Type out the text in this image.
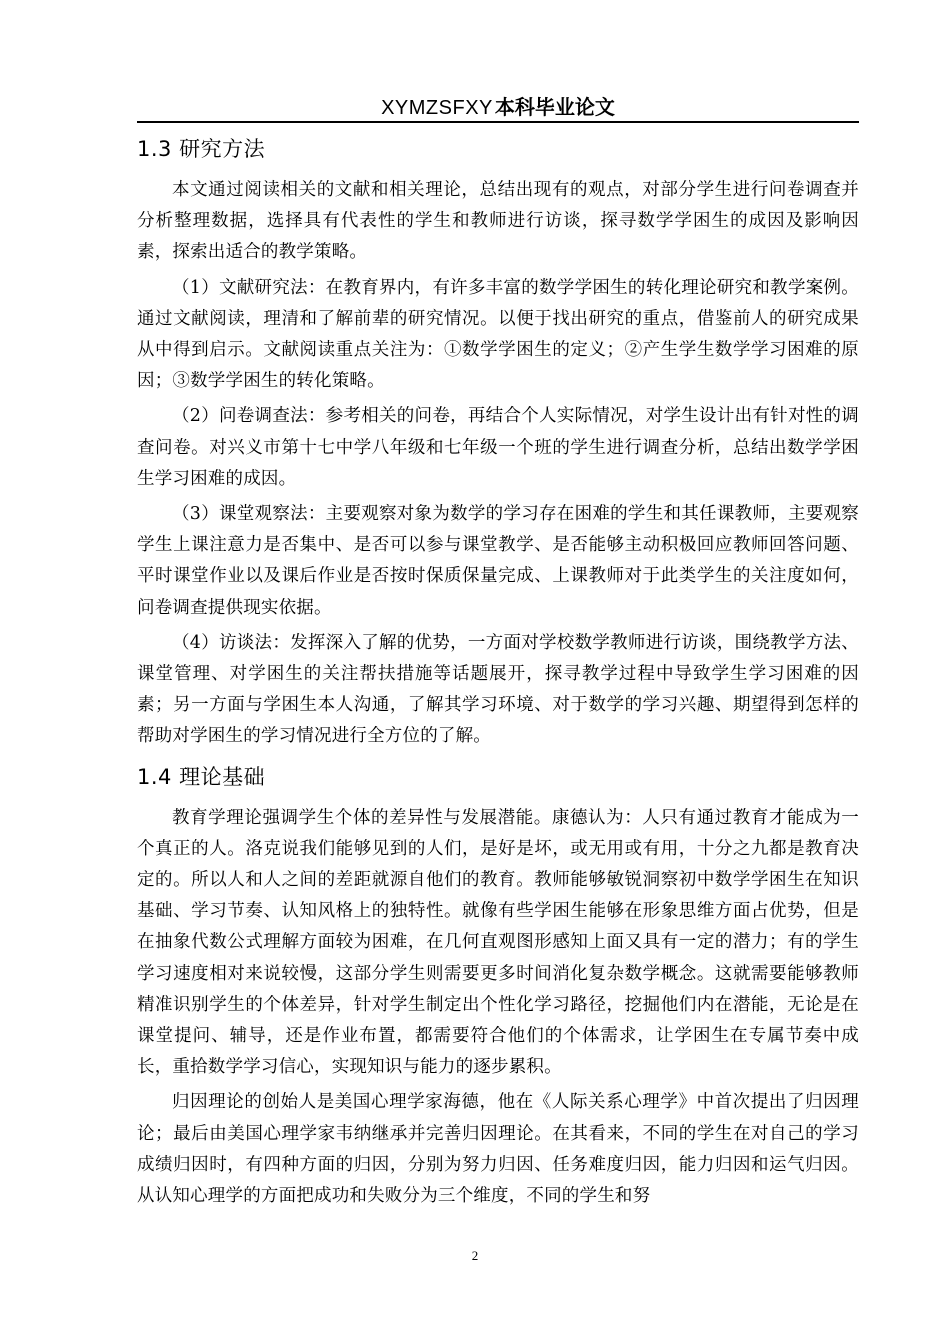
XYMZSFXY 本科毕业论文
1.3 研究方法

本文通过阅读相关的文献和相关理论，总结出现有的观点，对部分学生进行问卷调查并分析整理数据，选择具有代表性的学生和教师进行访谈，探寻数学学困生的成因及影响因素，探索出适合的教学策略。

（1）文献研究法：在教育界内，有许多丰富的数学学困生的转化理论研究和教学案例。通过文献阅读，理清和了解前辈的研究情况。以便于找出研究的重点，借鉴前人的研究成果从中得到启示。文献阅读重点关注为：①数学学困生的定义；②产生学生数学学习困难的原因；③数学学困生的转化策略。

（2）问卷调查法：参考相关的问卷，再结合个人实际情况，对学生设计出有针对性的调查问卷。对兴义市第十七中学八年级和七年级一个班的学生进行调查分析，总结出数学学困生学习困难的成因。

（3）课堂观察法：主要观察对象为数学的学习存在困难的学生和其任课教师，主要观察学生上课注意力是否集中、是否可以参与课堂教学、是否能够主动积极回应教师回答问题、平时课堂作业以及课后作业是否按时保质保量完成、上课教师对于此类学生的关注度如何，问卷调查提供现实依据。

（4）访谈法：发挥深入了解的优势，一方面对学校数学教师进行访谈，围绕教学方法、课堂管理、对学困生的关注帮扶措施等话题展开，探寻教学过程中导致学生学习困难的因素；另一方面与学困生本人沟通，了解其学习环境、对于数学的学习兴趣、期望得到怎样的帮助对学困生的学习情况进行全方位的了解。

1.4 理论基础

教育学理论强调学生个体的差异性与发展潜能。康德认为：人只有通过教育才能成为一个真正的人。洛克说我们能够见到的人们，是好是坏，或无用或有用，十分之九都是教育决定的。所以人和人之间的差距就源自他们的教育。教师能够敏锐洞察初中数学学困生在知识基础、学习节奏、认知风格上的独特性。就像有些学困生能够在形象思维方面占优势，但是在抽象代数公式理解方面较为困难，在几何直观图形感知上面又具有一定的潜力；有的学生学习速度相对来说较慢，这部分学生则需要更多时间消化复杂数学概念。这就需要能够教师精准识别学生的个体差异，针对学生制定出个性化学习路径，挖掘他们内在潜能，无论是在课堂提问、辅导，还是作业布置，都需要符合他们的个体需求，让学困生在专属节奏中成长，重拾数学学习信心，实现知识与能力的逐步累积。

归因理论的创始人是美国心理学家海德，他在《人际关系心理学》中首次提出了归因理论；最后由美国心理学家韦纳继承并完善归因理论。在其看来，不同的学生在对自己的学习成绩归因时，有四种方面的归因，分别为努力归因、任务难度归因，能力归因和运气归因。从认知心理学的方面把成功和失败分为三个维度，不同的学生和努

2
